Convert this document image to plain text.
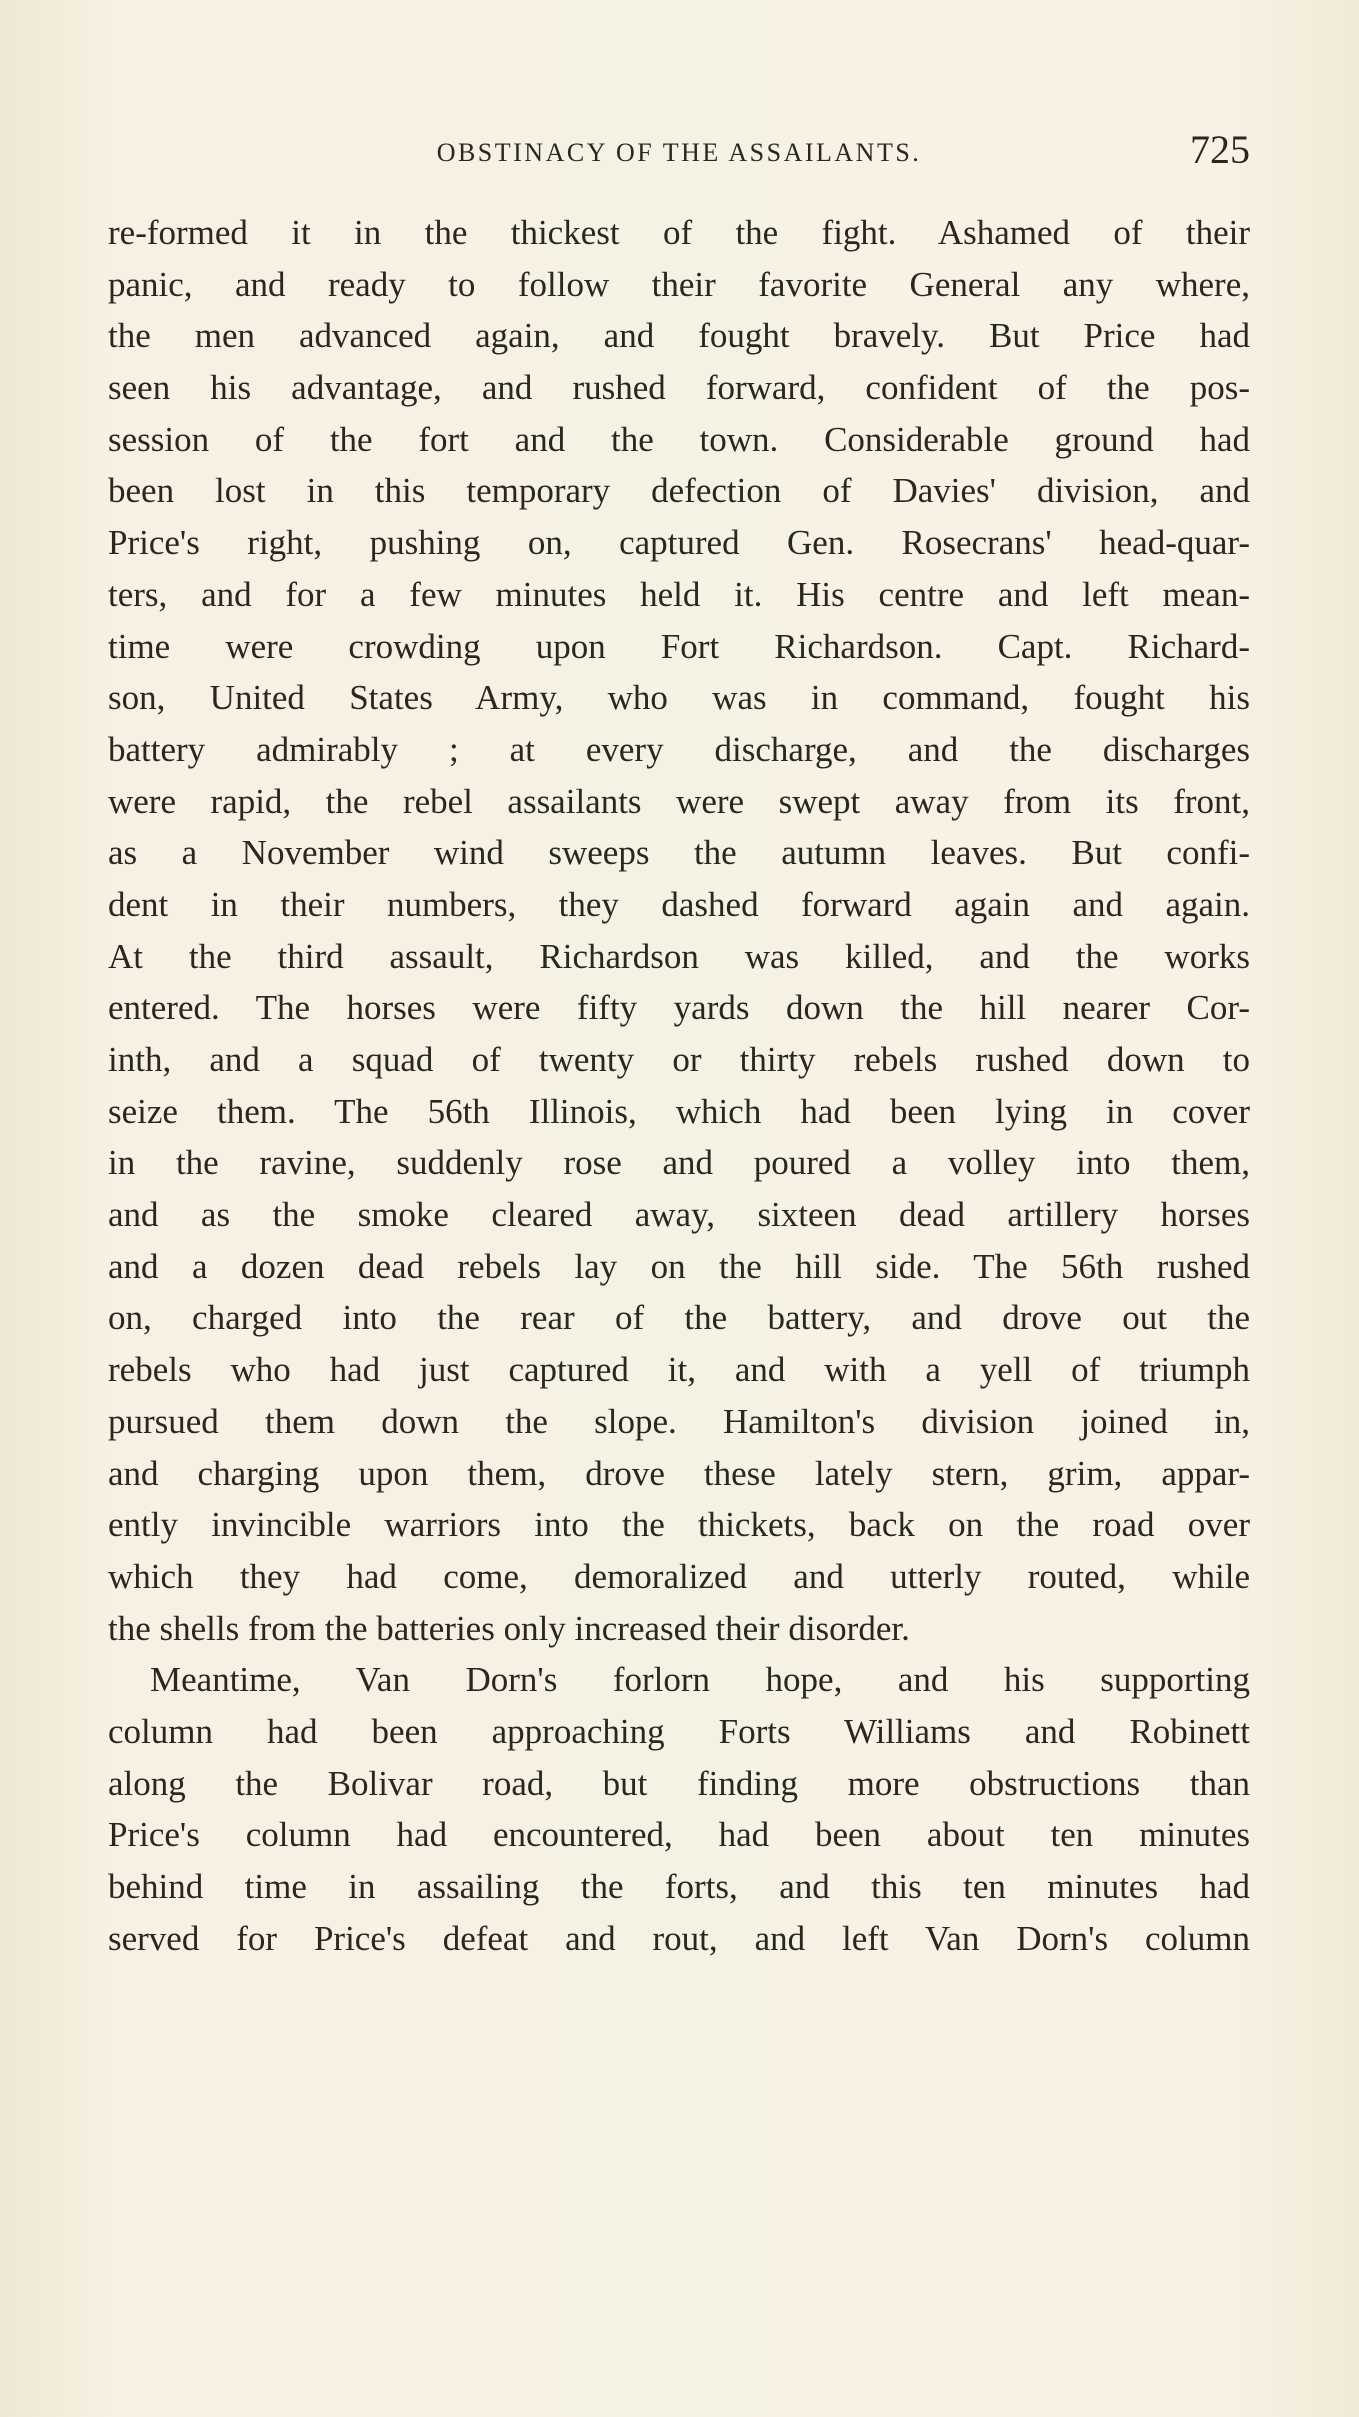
OBSTINACY OF THE ASSAILANTS.	725
re-formed it in the thickest of the fight. Ashamed of their
panic, and ready to follow their favorite General any where,
the men advanced again, and fought bravely. But Price had
seen his advantage, and rushed forward, confident of the pos-
session of the fort and the town. Considerable ground had
been lost in this temporary defection of Davies' division, and
Price's right, pushing on, captured Gen. Rosecrans' head-quar-
ters, and for a few minutes held it. His centre and left mean-
time were crowding upon Fort Richardson. Capt. Richard-
son, United States Army, who was in command, fought his
battery admirably ; at every discharge, and the discharges
were rapid, the rebel assailants were swept away from its front,
as a November wind sweeps the autumn leaves. But confi-
dent in their numbers, they dashed forward again and again.
At the third assault, Richardson was killed, and the works
entered. The horses were fifty yards down the hill nearer Cor-
inth, and a squad of twenty or thirty rebels rushed down to
seize them. The 56th Illinois, which had been lying in cover
in the ravine, suddenly rose and poured a volley into them,
and as the smoke cleared away, sixteen dead artillery horses
and a dozen dead rebels lay on the hill side. The 56th rushed
on, charged into the rear of the battery, and drove out the
rebels who had just captured it, and with a yell of triumph
pursued them down the slope. Hamilton's division joined in,
and charging upon them, drove these lately stern, grim, appar-
ently invincible warriors into the thickets, back on the road over
which they had come, demoralized and utterly routed, while
the shells from the batteries only increased their disorder.
Meantime, Van Dorn's forlorn hope, and his supporting
column had been approaching Forts Williams and Robinett
along the Bolivar road, but finding more obstructions than
Price's column had encountered, had been about ten minutes
behind time in assailing the forts, and this ten minutes had
served for Price's defeat and rout, and left Van Dorn's column
